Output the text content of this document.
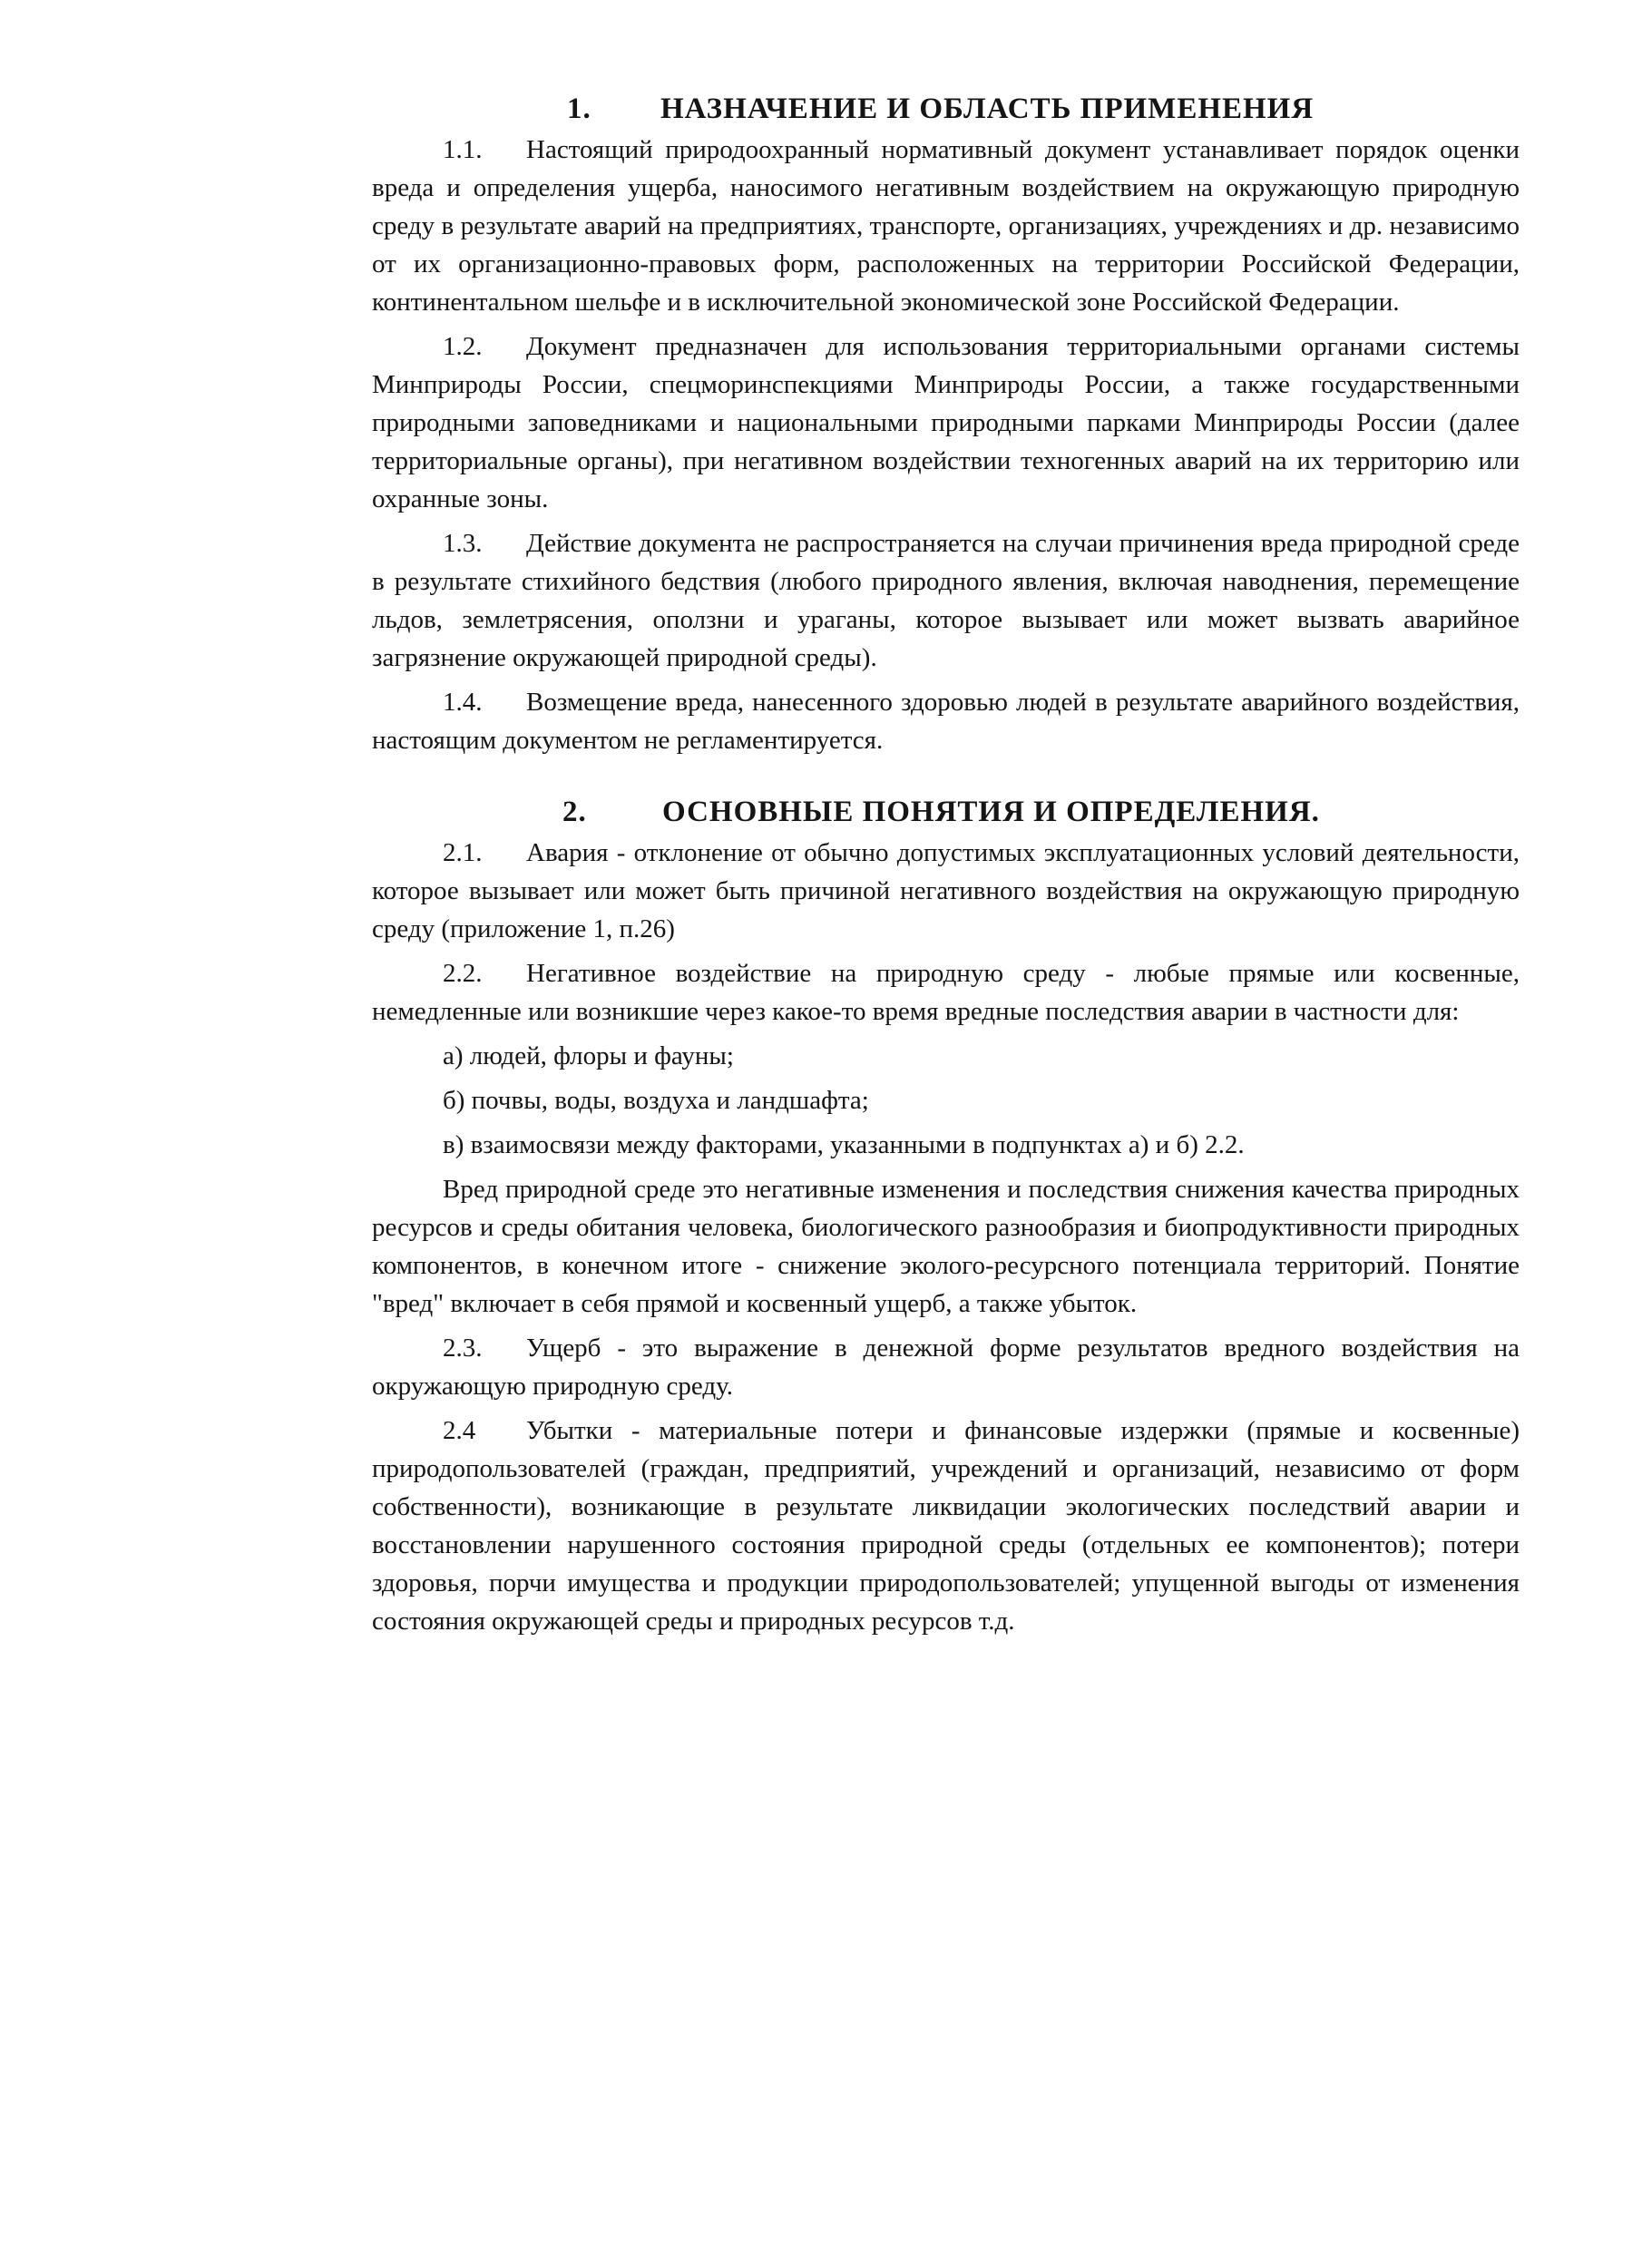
1. НАЗНАЧЕНИЕ И ОБЛАСТЬ ПРИМЕНЕНИЯ

1.1. Настоящий природоохранный нормативный документ устанавливает порядок оценки вреда и определения ущерба, наносимого негативным воздействием на окружающую природную среду в результате аварий на предприятиях, транспорте, организациях, учреждениях и др. независимо от их организационно-правовых форм, расположенных на территории Российской Федерации, континентальном шельфе и в исключительной экономической зоне Российской Федерации.

1.2. Документ предназначен для использования территориальными органами системы Минприроды России, спецморинспекциями Минприроды России, а также государственными природными заповедниками и национальными природными парками Минприроды России (далее территориальные органы), при негативном воздействии техногенных аварий на их территорию или охранные зоны.

1.3. Действие документа не распространяется на случаи причинения вреда природной среде в результате стихийного бедствия (любого природного явления, включая наводнения, перемещение льдов, землетрясения, оползни и ураганы, которое вызывает или может вызвать аварийное загрязнение окружающей природной среды).

1.4. Возмещение вреда, нанесенного здоровью людей в результате аварийного воздействия, настоящим документом не регламентируется.

2.	ОСНОВНЫЕ ПОНЯТИЯ И ОПРЕДЕЛЕНИЯ.

2.1. Авария - отклонение от обычно допустимых эксплуатационных условий деятельности, которое вызывает или может быть причиной негативного воздействия на окружающую природную среду (приложение 1, п.26)

2.2. Негативное воздействие на природную среду - любые прямые или косвенные, немедленные или возникшие через какое-то время вредные последствия аварии в частности для:

а) людей, флоры и фауны;

б) почвы, воды, воздуха и ландшафта;

в) взаимосвязи между факторами, указанными в подпунктах а) и б) 2.2.

Вред природной среде это негативные изменения и последствия снижения качества природных ресурсов и среды обитания человека, биологического разнообразия и биопродуктивности природных компонентов, в конечном итоге - снижение эколого-ресурсного потенциала территорий. Понятие "вред" включает в себя прямой и косвенный ущерб, а также убыток.

2.3. Ущерб - это выражение в денежной форме результатов вредного воздействия на окружающую природную среду.

2.4 Убытки - материальные потери и финансовые издержки (прямые и косвенные) природопользователей (граждан, предприятий, учреждений и организаций, независимо от форм собственности), возникающие в результате ликвидации экологических последствий аварии и восстановлении нарушенного состояния природной среды (отдельных ее компонентов); потери здоровья, порчи имущества и продукции природопользователей; упущенной выгоды от изменения состояния окружающей среды и природных ресурсов т.д.
